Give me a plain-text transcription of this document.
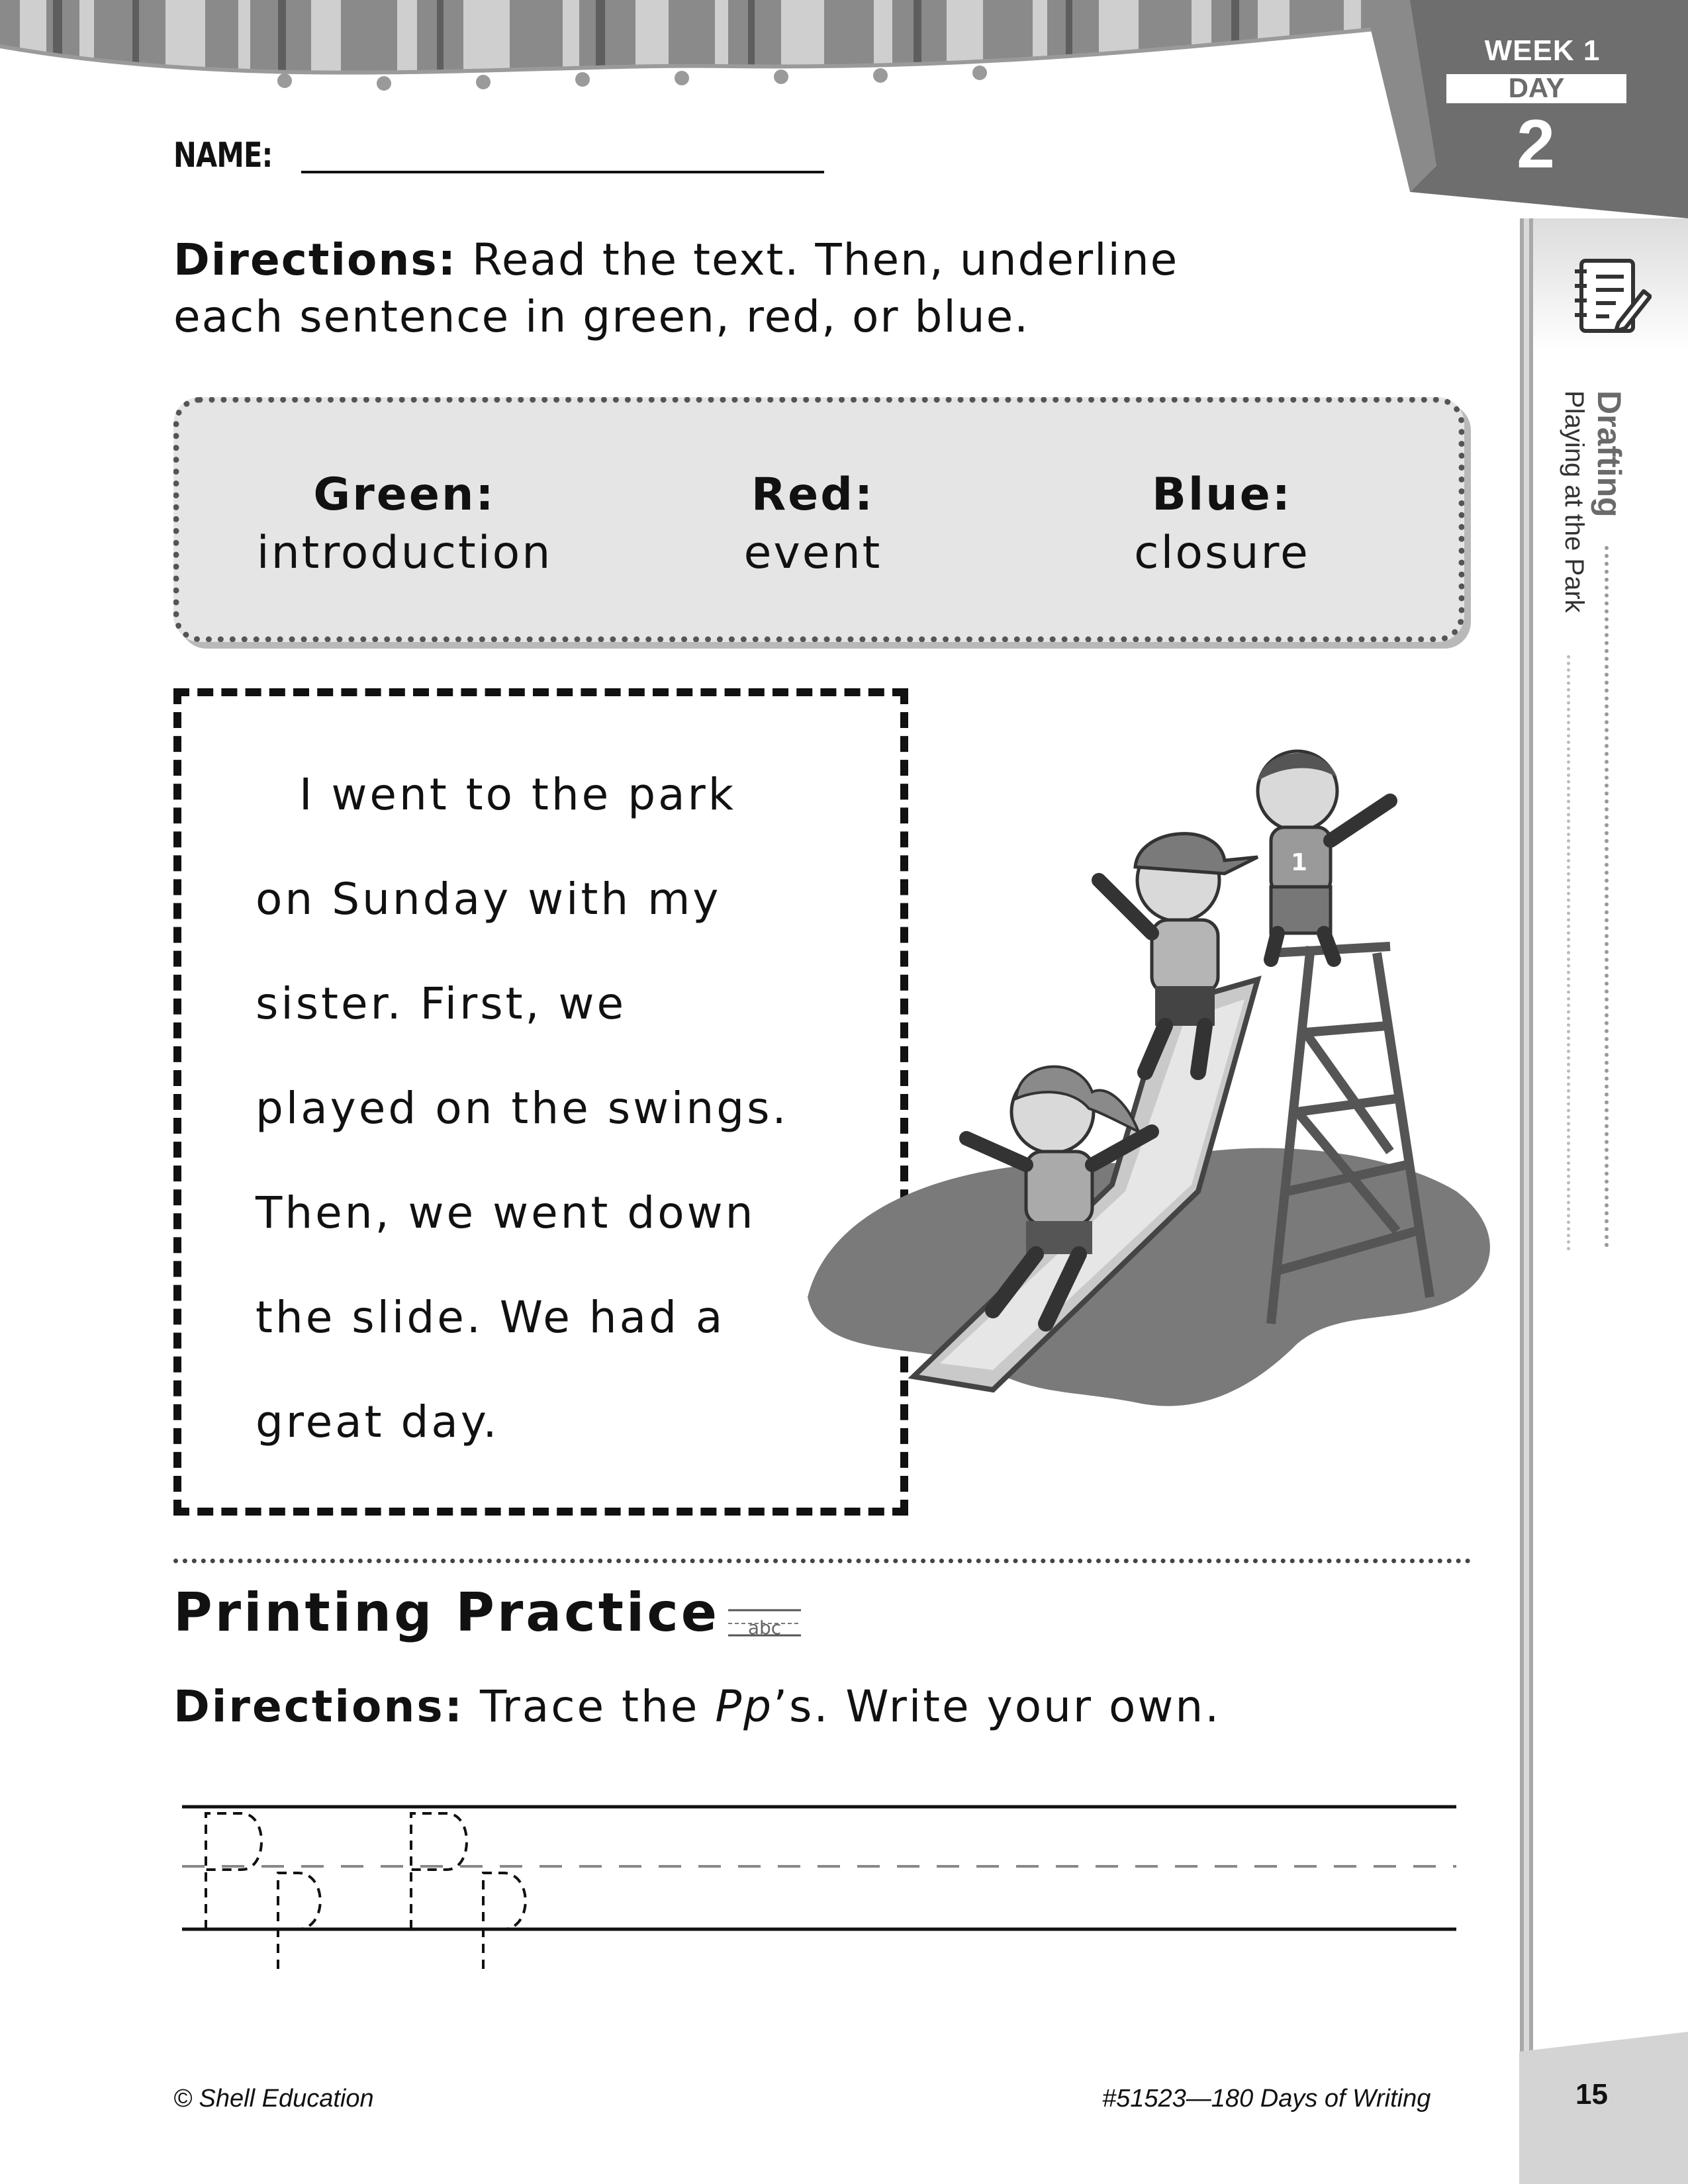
WEEK 1
DAY
2
Drafting
Playing at the Park
NAME:
Directions: Read the text. Then, underline
each sentence in green, red, or blue.
Green:
introduction
Red:
event
Blue:
closure
I went to the park
on Sunday with my
sister. First, we
played on the swings.
Then, we went down
the slide. We had a
great day.
1
Printing Practice abc
Directions: Trace the Pp’s. Write your own.
© Shell Education	#51523—180 Days of Writing	15
